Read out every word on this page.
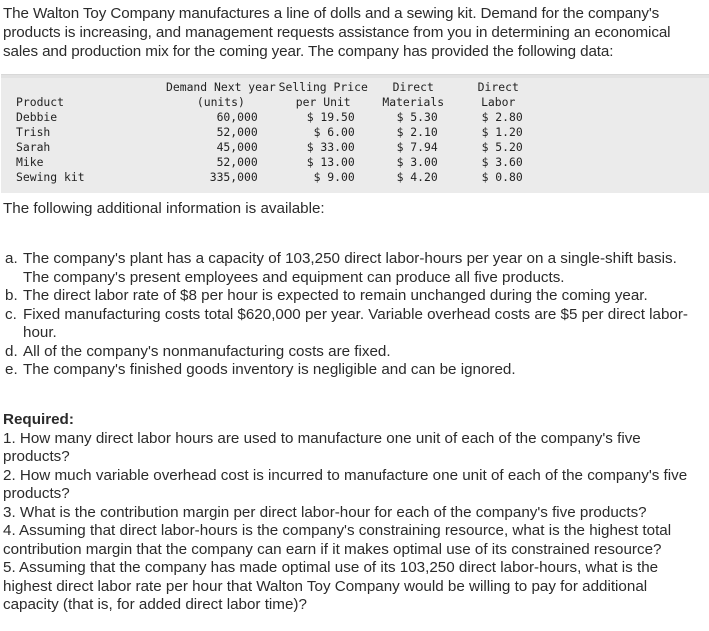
The Walton Toy Company manufactures a line of dolls and a sewing kit. Demand for the company's products is increasing, and management requests assistance from you in determining an economical sales and production mix for the coming year. The company has provided the following data:
	Demand Next year	Selling Price	Direct	Direct
Product	(units)	per Unit	Materials	Labor
Debbie	60,000	$ 19.50	$ 5.30	$ 2.80
Trish	52,000	$ 6.00	$ 2.10	$ 1.20
Sarah	45,000	$ 33.00	$ 7.94	$ 5.20
Mike	52,000	$ 13.00	$ 3.00	$ 3.60
Sewing kit	335,000	$ 9.00	$ 4.20	$ 0.80
The following additional information is available:
a. The company's plant has a capacity of 103,250 direct labor-hours per year on a single-shift basis. The company's present employees and equipment can produce all five products.
b. The direct labor rate of $8 per hour is expected to remain unchanged during the coming year.
c. Fixed manufacturing costs total $620,000 per year. Variable overhead costs are $5 per direct labor-hour.
d. All of the company's nonmanufacturing costs are fixed.
e. The company's finished goods inventory is negligible and can be ignored.
Required:
1. How many direct labor hours are used to manufacture one unit of each of the company's five products?
2. How much variable overhead cost is incurred to manufacture one unit of each of the company's five products?
3. What is the contribution margin per direct labor-hour for each of the company's five products?
4. Assuming that direct labor-hours is the company's constraining resource, what is the highest total contribution margin that the company can earn if it makes optimal use of its constrained resource?
5. Assuming that the company has made optimal use of its 103,250 direct labor-hours, what is the highest direct labor rate per hour that Walton Toy Company would be willing to pay for additional capacity (that is, for added direct labor time)?
